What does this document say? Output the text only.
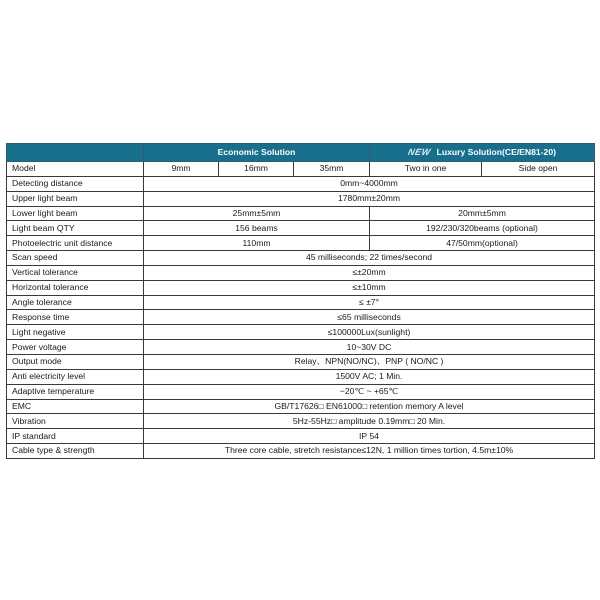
	Economic Solution			NEW Luxury Solution(CE/EN81-20)	
Model	9mm	16mm	35mm	Two in one	Side open
Detecting distance	0mm~4000mm				
Upper light beam	1780mm±20mm				
Lower light beam	25mm±5mm			20mm±5mm	
Light beam QTY	156 beams			192/230/320beams (optional)	
Photoelectric unit distance	110mm			47/50mm(optional)	
Scan speed	45 milliseconds; 22 times/second				
Vertical tolerance	≤±20mm				
Horizontal tolerance	≤±10mm				
Angle tolerance	≤ ±7°				
Response time	≤65 milliseconds				
Light negative	≤100000Lux(sunlight)				
Power voltage	10~30V DC				
Output mode	Relay、NPN(NO/NC)、PNP ( NO/NC )				
Anti electricity level	1500V AC; 1 Min.				
Adaptive temperature	−20℃ ~ +65℃				
EMC	GB/T17626□ EN61000□ retention memory A level				
Vibration	5Hz-55Hz□ amplitude 0.19mm□ 20 Min.				
IP standard	IP 54				
Cable type & strength	Three core cable, stretch resistance≤12N, 1 million times tortion, 4.5m±10%				
